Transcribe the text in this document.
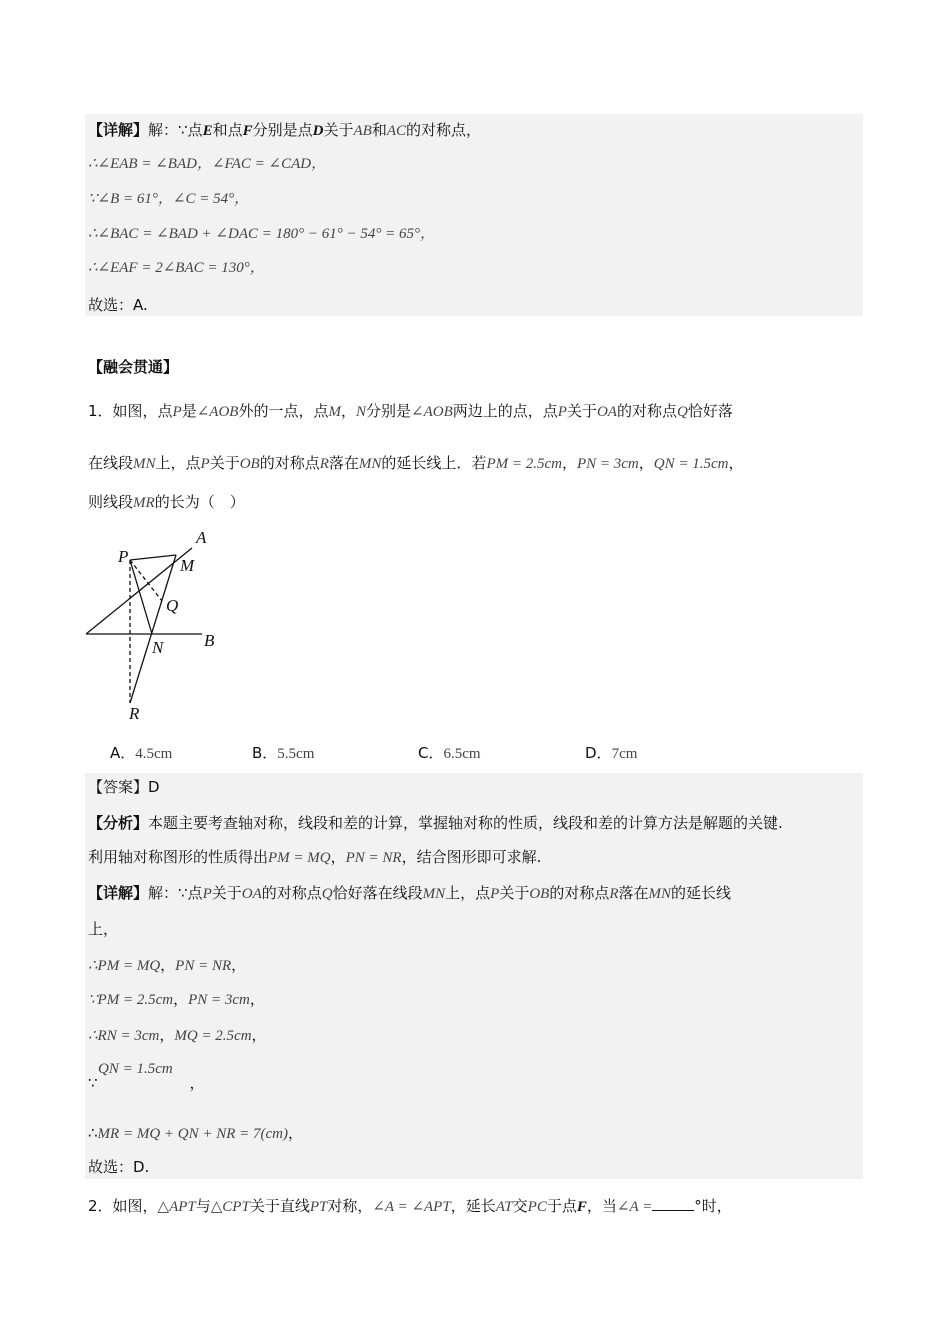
【详解】解：∵点E和点F分别是点D关于AB和AC的对称点，
∴∠EAB = ∠BAD，∠FAC = ∠CAD，
∵∠B = 61°，∠C = 54°，
∴∠BAC = ∠BAD + ∠DAC = 180° − 61° − 54° = 65°，
∴∠EAF = 2∠BAC = 130°，
故选：A.
【融会贯通】
1．如图，点P是∠AOB外的一点，点M，N分别是∠AOB两边上的点，点P关于OA的对称点Q恰好落
在线段MN上，点P关于OB的对称点R落在MN的延长线上．若PM = 2.5cm，PN = 3cm，QN = 1.5cm，
则线段MR的长为（　）
A
P	M
Q
N B
R
A．4.5cm	B．5.5cm	C．6.5cm	D．7cm
【答案】D
【分析】本题主要考查轴对称，线段和差的计算，掌握轴对称的性质，线段和差的计算方法是解题的关键.
利用轴对称图形的性质得出PM = MQ，PN = NR，结合图形即可求解.
【详解】解：∵点P关于OA的对称点Q恰好落在线段MN上，点P关于OB的对称点R落在MN的延长线
上，
∴PM = MQ，PN = NR，
∵PM = 2.5cm，PN = 3cm，
∴RN = 3cm，MQ = 2.5cm，
QN = 1.5cm
∵	，
∴MR = MQ + QN + NR = 7(cm)，
故选：D.
2．如图，△APT与△CPT关于直线PT对称，∠A = ∠APT，延长AT交PC于点F，当∠A =	°时，
